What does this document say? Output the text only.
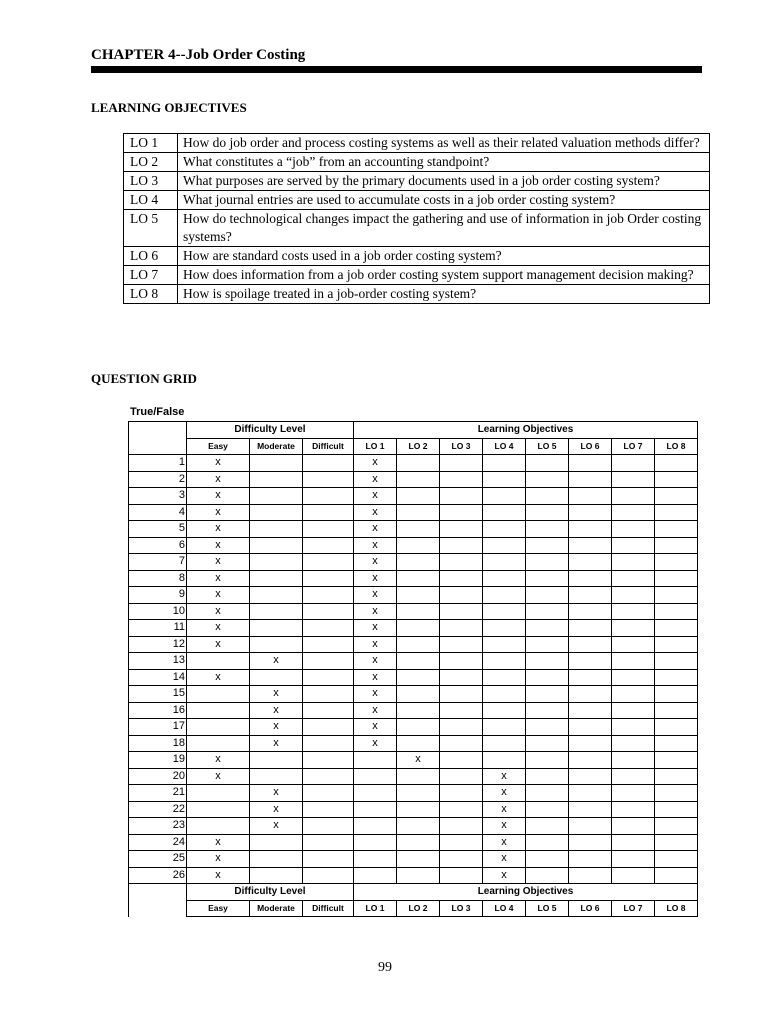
CHAPTER 4--Job Order Costing
LEARNING OBJECTIVES
LO 1	How do job order and process costing systems as well as their related valuation methods differ?
LO 2	What constitutes a “job” from an accounting standpoint?
LO 3	What purposes are served by the primary documents used in a job order costing system?
LO 4	What journal entries are used to accumulate costs in a job order costing system?
LO 5	How do technological changes impact the gathering and use of information in job Order costing systems?
LO 6	How are standard costs used in a job order costing system?
LO 7	How does information from a job order costing system support management decision making?
LO 8	How is spoilage treated in a job-order costing system?
QUESTION GRID
True/False
	Difficulty Level			Learning Objectives							
	Easy	Moderate	Difficult	LO 1	LO 2	LO 3	LO 4	LO 5	LO 6	LO 7	LO 8
1	x			x							
2	x			x							
3	x			x							
4	x			x							
5	x			x							
6	x			x							
7	x			x							
8	x			x							
9	x			x							
10	x			x							
11	x			x							
12	x			x							
13		x		x							
14	x			x							
15		x		x							
16		x		x							
17		x		x							
18		x		x							
19	x				x						
20	x						x				
21		x					x				
22		x					x				
23		x					x				
24	x						x				
25	x						x				
26	x						x				
	Difficulty Level			Learning Objectives							
	Easy	Moderate	Difficult	LO 1	LO 2	LO 3	LO 4	LO 5	LO 6	LO 7	LO 8
99
